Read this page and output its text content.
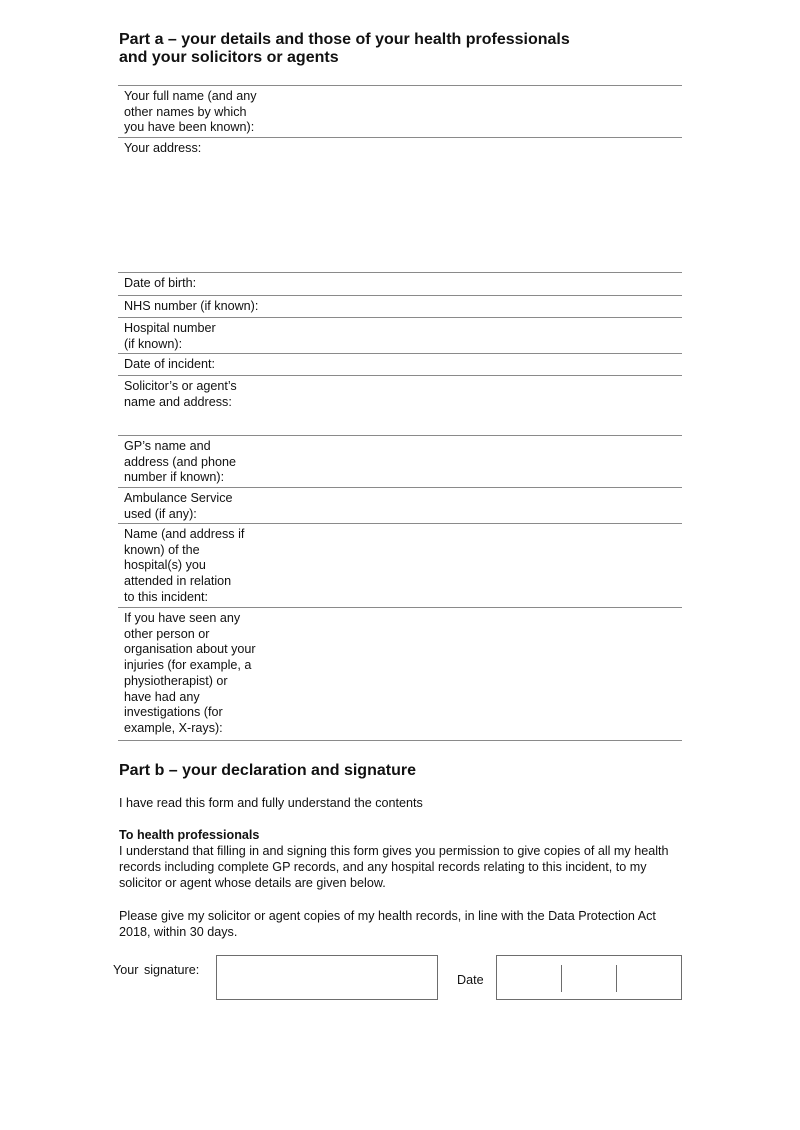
Part a – your details and those of your health professionals
and your solicitors or agents
Your full name (and any
other names by which
you have been known):
Your address:
Date of birth:
NHS number (if known):
Hospital number
(if known):
Date of incident:
Solicitor’s or agent’s
name and address:
GP’s name and
address (and phone
number if known):
Ambulance Service
used (if any):
Name (and address if
known) of the
hospital(s) you
attended in relation
to this incident:
If you have seen any
other person or
organisation about your
injuries (for example, a
physiotherapist) or
have had any
investigations (for
example, X-rays):
Part b – your declaration and signature
I have read this form and fully understand the contents
To health professionals
I understand that filling in and signing this form gives you permission to give copies of all my health records including complete GP records, and any hospital records relating to this incident, to my solicitor or agent whose details are given below.
Please give my solicitor or agent copies of my health records, in line with the Data Protection Act 2018, within 30 days.
Your signature:
Date
